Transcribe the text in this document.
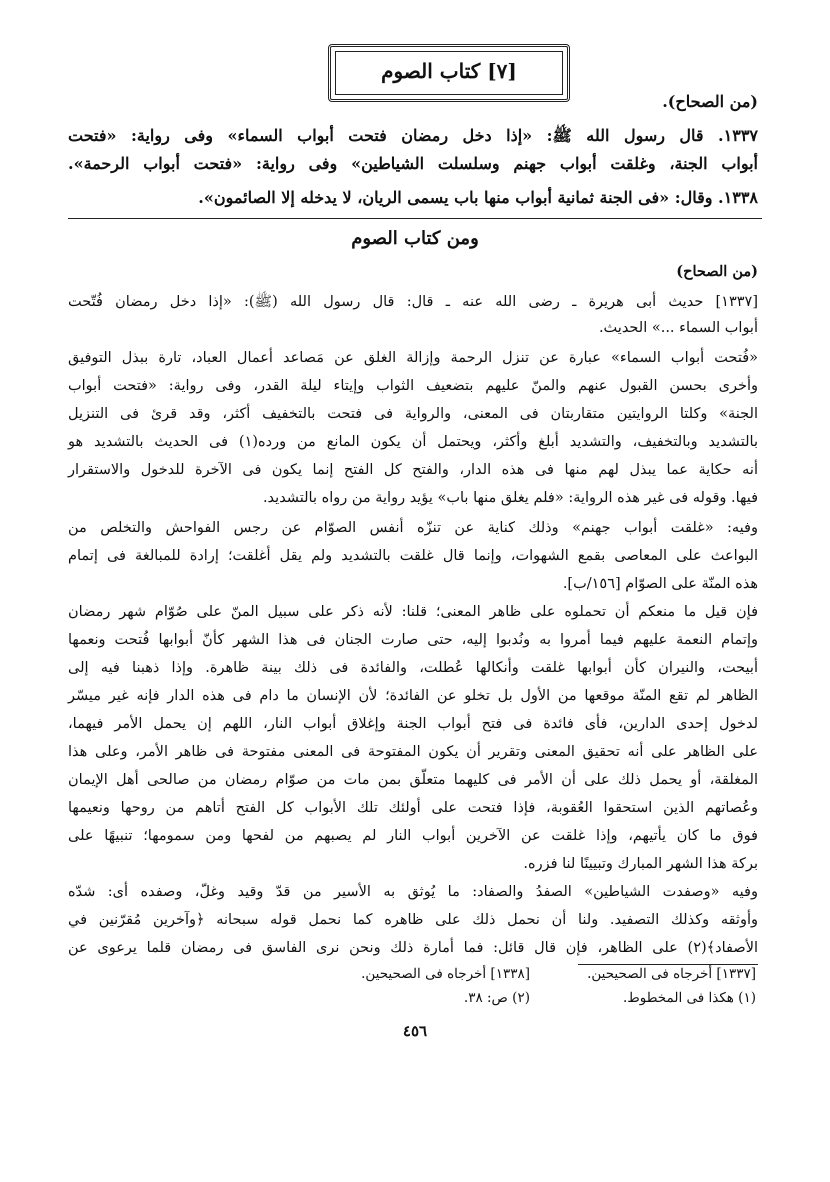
[٧] كتاب الصوم
(من الصحاح).
١٣٣٧. قال رسول الله ﷺ: «إذا دخل رمضان فتحت أبواب السماء» وفى رواية: «فتحت
أبواب الجنة، وغلقت أبواب جهنم وسلسلت الشياطين» وفى رواية: «فتحت أبواب الرحمة».
١٣٣٨. وقال: «فى الجنة ثمانية أبواب منها باب يسمى الريان، لا يدخله إلا الصائمون».
ومن كتاب الصوم
(من الصحاح)
[١٣٣٧] حديث أبى هريرة ـ رضى الله عنه ـ قال: قال رسول الله (ﷺ): «إذا دخل رمضان فُتّحت
أبواب السماء ...» الحديث.
«فُتحت أبواب السماء» عبارة عن تنزل الرحمة وإزالة الغلق عن مَصاعد أعمال العباد، تارة ببذل التوفيق
وأخرى بحسن القبول عنهم والمنّ عليهم بتضعيف الثواب وإيتاء ليلة القدر، وفى رواية: «فتحت أبواب
الجنة» وكلتا الروايتين متقاربتان فى المعنى، والرواية فى فتحت بالتخفيف أكثر، وقد قرئ فى التنزيل
بالتشديد وبالتخفيف، والتشديد أبلغ وأكثر، ويحتمل أن يكون المانع من ورده(١) فى الحديث بالتشديد هو
أنه حكاية عما يبذل لهم منها فى هذه الدار، والفتح كل الفتح إنما يكون فى الآخرة للدخول والاستقرار
فيها. وقوله فى غير هذه الرواية: «فلم يغلق منها باب» يؤيد رواية من رواه بالتشديد.
وفيه: «غلقت أبواب جهنم» وذلك كناية عن تنزّه أنفس الصوّام عن رجس الفواحش والتخلص من
البواعث على المعاصى بقمع الشهوات، وإنما قال غلقت بالتشديد ولم يقل أغلقت؛ إرادة للمبالغة فى إتمام
هذه المنّة على الصوّام [١٥٦/ب].
فإن قيل ما منعكم أن تحملوه على ظاهر المعنى؛ قلنا: لأنه ذكر على سبيل المنّ على صُوّام شهر رمضان
وإتمام النعمة عليهم فيما أمروا به ونُدبوا إليه، حتى صارت الجنان فى هذا الشهر كأنّ أبوابها فُتحت ونعمها
أبيحت، والنيران كأن أبوابها غلقت وأنكالها عُطلت، والفائدة فى ذلك بينة ظاهرة. وإذا ذهبنا فيه إلى
الظاهر لم تقع المنّة موقعها من الأول بل تخلو عن الفائدة؛ لأن الإنسان ما دام فى هذه الدار فإنه غير ميسّر
لدخول إحدى الدارين، فأى فائدة فى فتح أبواب الجنة وإغلاق أبواب النار، اللهم إن يحمل الأمر فيهما،
على الظاهر على أنه تحقيق المعنى وتقرير أن يكون المفتوحة فى المعنى مفتوحة فى ظاهر الأمر، وعلى هذا
المغلقة، أو يحمل ذلك على أن الأمر فى كليهما متعلّق بمن مات من صوّام رمضان من صالحى أهل الإيمان
وعُصاتهم الذين استحقوا العُقوبة، فإذا فتحت على أولئك تلك الأبواب كل الفتح أتاهم من روحها ونعيمها
فوق ما كان يأتيهم، وإذا غلقت عن الآخرين أبواب النار لم يصبهم من لفحها ومن سمومها؛ تنبيهًا على
بركة هذا الشهر المبارك وتبيينًا لنا فزره.
وفيه «وصفدت الشياطين» الصفدُ والصفاد: ما يُوثق به الأسير من قدّ وقيد وغلّ، وصفده أى: شدّه
وأوثقه وكذلك التصفيد. ولنا أن نحمل ذلك على ظاهره كما نحمل قوله سبحانه ﴿وآخرين مُقرّنين في
الأصفاد﴾(٢) على الظاهر، فإن قال قائل: فما أمارة ذلك ونحن نرى الفاسق فى رمضان قلما يرعوى عن
[١٣٣٧] أخرجاه فى الصحيحين.
[١٣٣٨] أخرجاه فى الصحيحين.
(١) هكذا فى المخطوط.
(٢) ص: ٣٨.
٤٥٦
